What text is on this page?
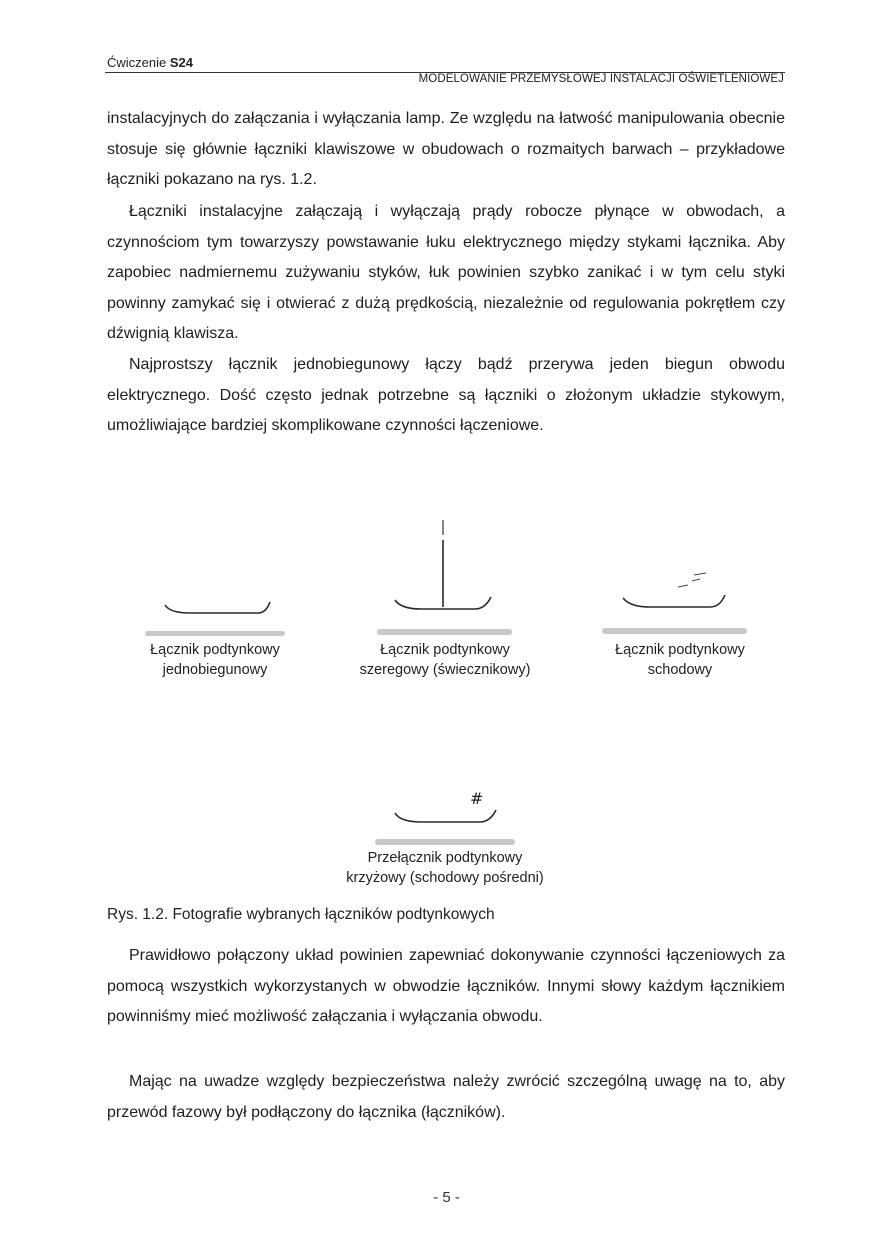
Ćwiczenie S24
MODELOWANIE PRZEMYSŁOWEJ INSTALACJI OŚWIETLENIOWEJ

instalacyjnych do załączania i wyłączania lamp. Ze względu na łatwość manipulowania obecnie stosuje się głównie łączniki klawiszowe w obudowach o rozmaitych barwach – przykładowe łączniki pokazano na rys. 1.2.

Łączniki instalacyjne załączają i wyłączają prądy robocze płynące w obwodach, a czynnościom tym towarzyszy powstawanie łuku elektrycznego między stykami łącznika. Aby zapobiec nadmiernemu zużywaniu styków, łuk powinien szybko zanikać i w tym celu styki powinny zamykać się i otwierać z dużą prędkością, niezależnie od regulowania pokrętłem czy dźwignią klawisza.

Najprostszy łącznik jednobiegunowy łączy bądź przerywa jeden biegun obwodu elektrycznego. Dość często jednak potrzebne są łączniki o złożonym układzie stykowym, umożliwiające bardziej skomplikowane czynności łączeniowe.

Łącznik podtynkowy
jednobiegunowy
Łącznik podtynkowy
szeregowy (świecznikowy)
Łącznik podtynkowy
schodowy
#
Przełącznik podtynkowy
krzyżowy (schodowy pośredni)
Rys. 1.2. Fotografie wybranych łączników podtynkowych

Prawidłowo połączony układ powinien zapewniać dokonywanie czynności łączeniowych za pomocą wszystkich wykorzystanych w obwodzie łączników. Innymi słowy każdym łącznikiem powinniśmy mieć możliwość załączania i wyłączania obwodu.

Mając na uwadze względy bezpieczeństwa należy zwrócić szczególną uwagę na to, aby przewód fazowy był podłączony do łącznika (łączników).

- 5 -
